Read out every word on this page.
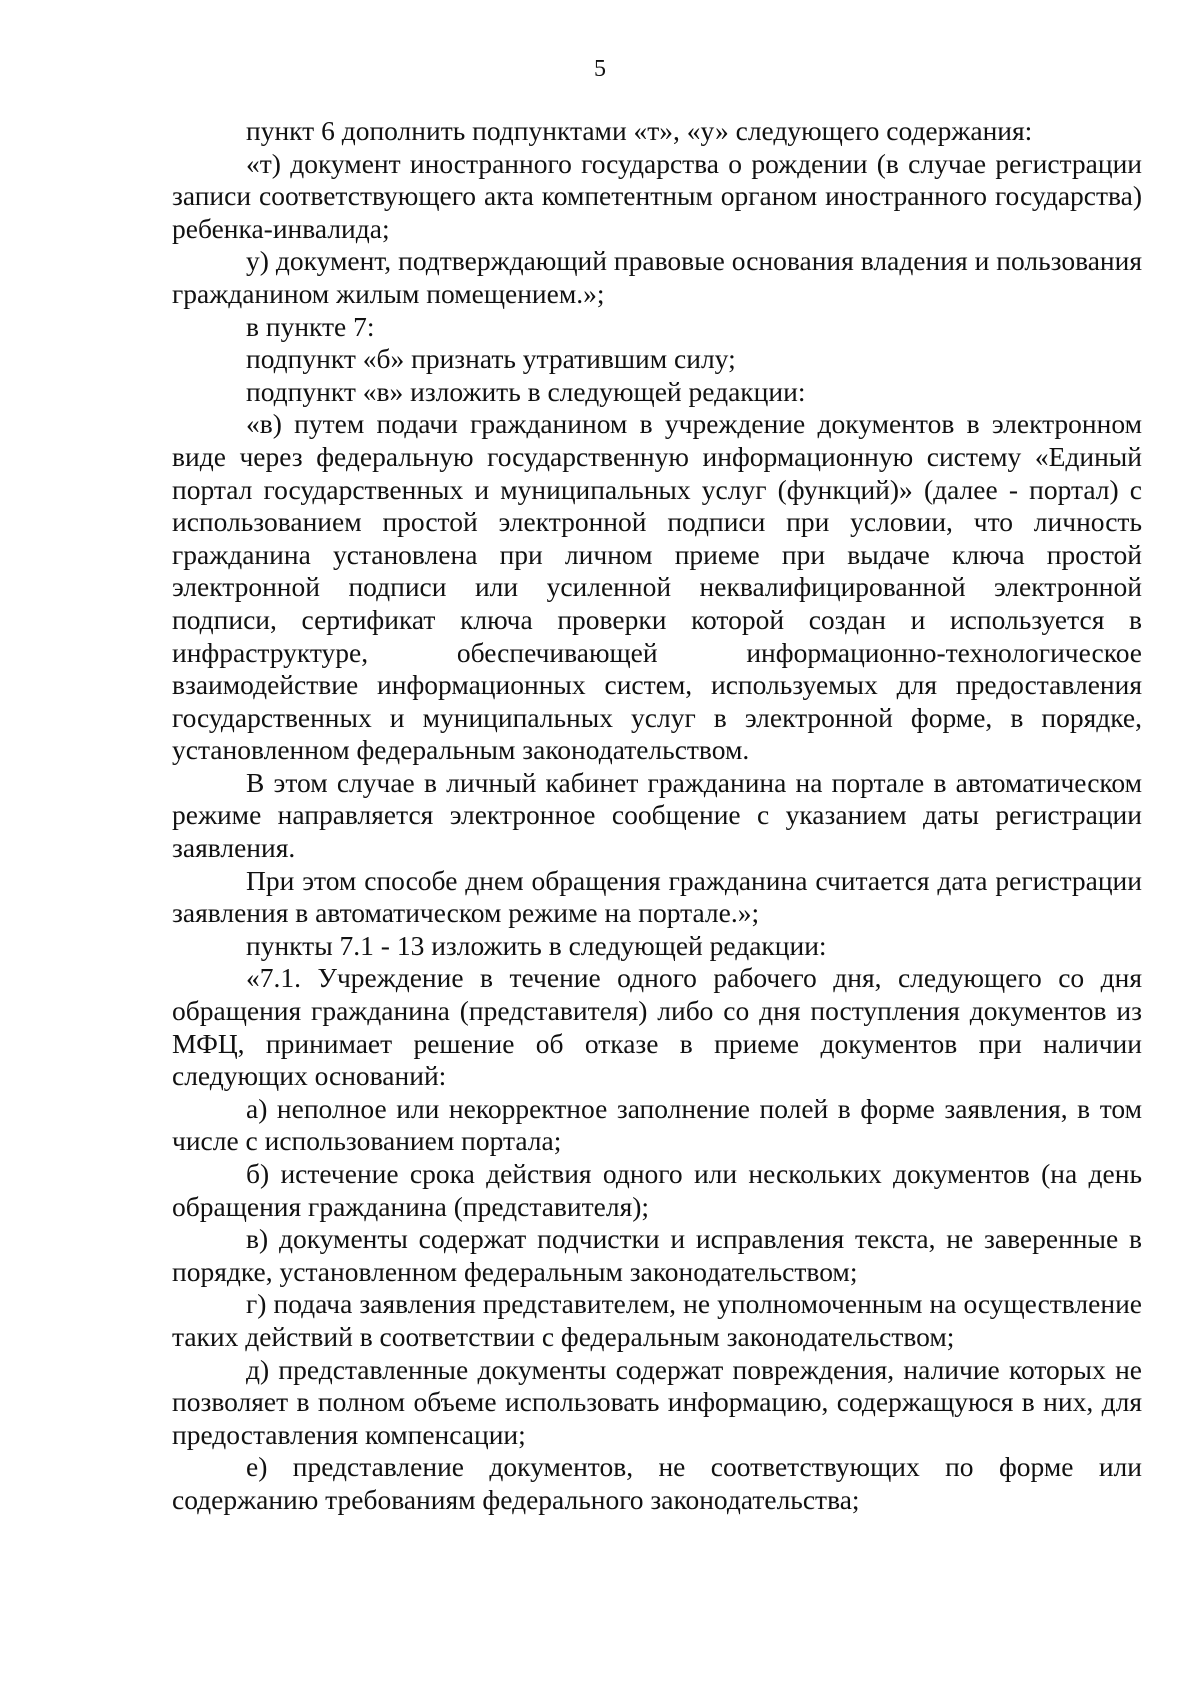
5

пункт 6 дополнить подпунктами «т», «у» следующего содержания:

«т) документ иностранного государства о рождении (в случае регистрации записи соответствующего акта компетентным органом иностранного государства) ребенка-инвалида;

у) документ, подтверждающий правовые основания владения и пользования гражданином жилым помещением.»;

в пункте 7:

подпункт «б» признать утратившим силу;

подпункт «в» изложить в следующей редакции:

«в) путем подачи гражданином в учреждение документов в электронном виде через федеральную государственную информационную систему «Единый портал государственных и муниципальных услуг (функций)» (далее - портал) с использованием простой электронной подписи при условии, что личность гражданина установлена при личном приеме при выдаче ключа простой электронной подписи или усиленной неквалифицированной электронной подписи, сертификат ключа проверки которой создан и используется в инфраструктуре, обеспечивающей информационно-технологическое взаимодействие информационных систем, используемых для предоставления государственных и муниципальных услуг в электронной форме, в порядке, установленном федеральным законодательством.

В этом случае в личный кабинет гражданина на портале в автоматическом режиме направляется электронное сообщение с указанием даты регистрации заявления.

При этом способе днем обращения гражданина считается дата регистрации заявления в автоматическом режиме на портале.»;

пункты 7.1 - 13 изложить в следующей редакции:

«7.1. Учреждение в течение одного рабочего дня, следующего со дня обращения гражданина (представителя) либо со дня поступления документов из МФЦ, принимает решение об отказе в приеме документов при наличии следующих оснований:

а) неполное или некорректное заполнение полей в форме заявления, в том числе с использованием портала;

б) истечение срока действия одного или нескольких документов (на день обращения гражданина (представителя);

в) документы содержат подчистки и исправления текста, не заверенные в порядке, установленном федеральным законодательством;

г) подача заявления представителем, не уполномоченным на осуществление таких действий в соответствии с федеральным законодательством;

д) представленные документы содержат повреждения, наличие которых не позволяет в полном объеме использовать информацию, содержащуюся в них, для предоставления компенсации;

е) представление документов, не соответствующих по форме или содержанию требованиям федерального законодательства;
